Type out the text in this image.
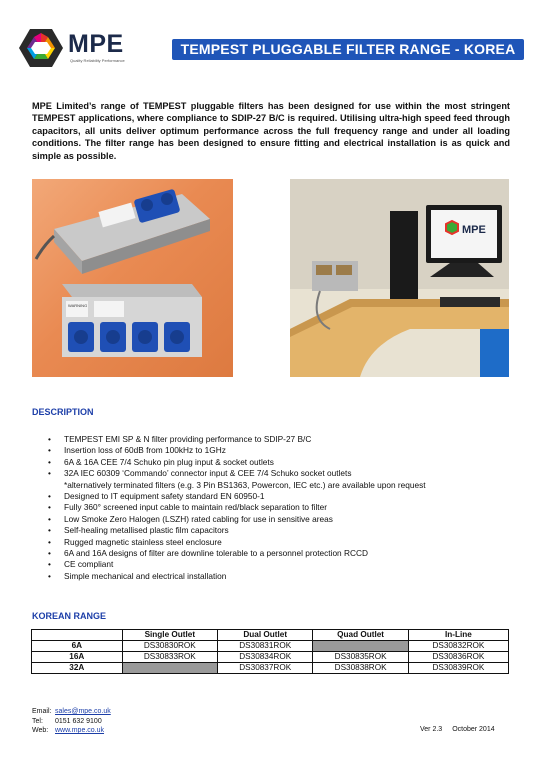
MPE
Quality Reliability Performance
TEMPEST PLUGGABLE FILTER RANGE - KOREA
MPE Limited’s range of TEMPEST pluggable filters has been designed for use within the most stringent TEMPEST applications, where compliance to SDIP-27 B/C is required. Utilising ultra-high speed feed through capacitors, all units deliver optimum performance across the full frequency range and under all loading conditions. The filter range has been designed to ensure fitting and electrical installation is as quick and simple as possible.
WARNING
MPE
DESCRIPTION
• TEMPEST EMI SP & N filter providing performance to SDIP-27 B/C
• Insertion loss of 60dB from 100kHz to 1GHz
• 6A & 16A CEE 7/4 Schuko pin plug input & socket outlets
• 32A IEC 60309 ‘Commando’ connector input & CEE 7/4 Schuko socket outlets
*alternatively terminated filters (e.g. 3 Pin BS1363, Powercon, IEC etc.) are available upon request
• Designed to IT equipment safety standard EN 60950-1
• Fully 360° screened input cable to maintain red/black separation to filter
• Low Smoke Zero Halogen (LSZH) rated cabling for use in sensitive areas
• Self-healing metallised plastic film capacitors
• Rugged magnetic stainless steel enclosure
• 6A and 16A designs of filter are downline tolerable to a personnel protection RCCD
• CE compliant
• Simple mechanical and electrical installation
KOREAN RANGE
	Single Outlet	Dual Outlet	Quad Outlet	In-Line
6A	DS30830ROK	DS30831ROK		DS30832ROK
16A	DS30833ROK	DS30834ROK	DS30835ROK	DS30836ROK
32A		DS30837ROK	DS30838ROK	DS30839ROK
Email: sales@mpe.co.uk
Tel: 0151 632 9100
Web: www.mpe.co.uk	Ver 2.3 October 2014
